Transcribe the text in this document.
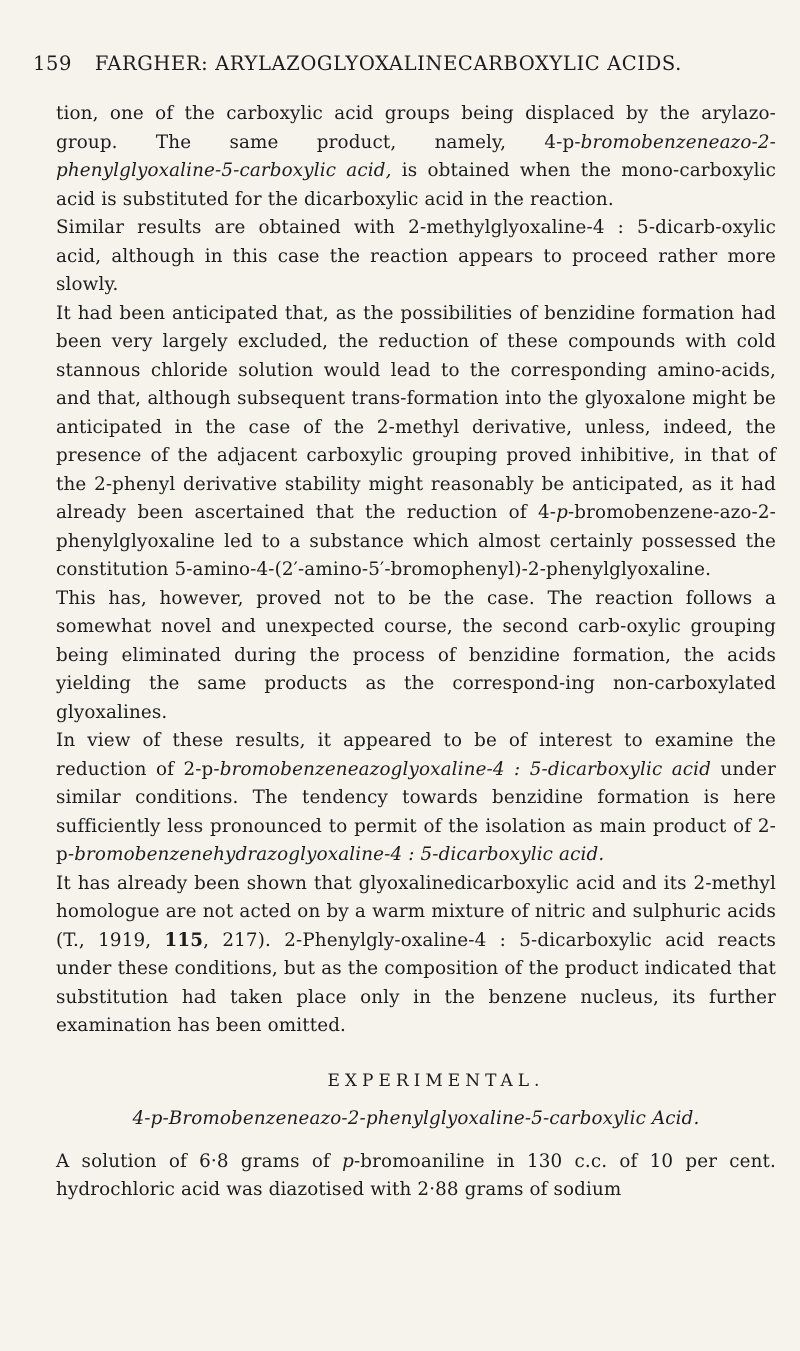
159 FARGHER: ARYLAZOGLYOXALINECARBOXYLIC ACIDS.

tion, one of the carboxylic acid groups being displaced by the arylazo-group. The same product, namely, 4-p-bromobenzeneazo-2-phenylglyoxaline-5-carboxylic acid, is obtained when the mono-carboxylic acid is substituted for the dicarboxylic acid in the reaction.

Similar results are obtained with 2-methylglyoxaline-4 : 5-dicarb-oxylic acid, although in this case the reaction appears to proceed rather more slowly.

It had been anticipated that, as the possibilities of benzidine formation had been very largely excluded, the reduction of these compounds with cold stannous chloride solution would lead to the corresponding amino-acids, and that, although subsequent trans-formation into the glyoxalone might be anticipated in the case of the 2-methyl derivative, unless, indeed, the presence of the adjacent carboxylic grouping proved inhibitive, in that of the 2-phenyl derivative stability might reasonably be anticipated, as it had already been ascertained that the reduction of 4-p-bromobenzene-azo-2-phenylglyoxaline led to a substance which almost certainly possessed the constitution 5-amino-4-(2′-amino-5′-bromophenyl)-2-phenylglyoxaline.

This has, however, proved not to be the case. The reaction follows a somewhat novel and unexpected course, the second carb-oxylic grouping being eliminated during the process of benzidine formation, the acids yielding the same products as the correspond-ing non-carboxylated glyoxalines.

In view of these results, it appeared to be of interest to examine the reduction of 2-p-bromobenzeneazoglyoxaline-4 : 5-dicarboxylic acid under similar conditions. The tendency towards benzidine formation is here sufficiently less pronounced to permit of the isolation as main product of 2-p-bromobenzenehydrazoglyoxaline-4 : 5-dicarboxylic acid.

It has already been shown that glyoxalinedicarboxylic acid and its 2-methyl homologue are not acted on by a warm mixture of nitric and sulphuric acids (T., 1919, 115, 217). 2-Phenylgly-oxaline-4 : 5-dicarboxylic acid reacts under these conditions, but as the composition of the product indicated that substitution had taken place only in the benzene nucleus, its further examination has been omitted.

EXPERIMENTAL.

4-p-Bromobenzeneazo-2-phenylglyoxaline-5-carboxylic Acid.

A solution of 6·8 grams of p-bromoaniline in 130 c.c. of 10 per cent. hydrochloric acid was diazotised with 2·88 grams of sodium
